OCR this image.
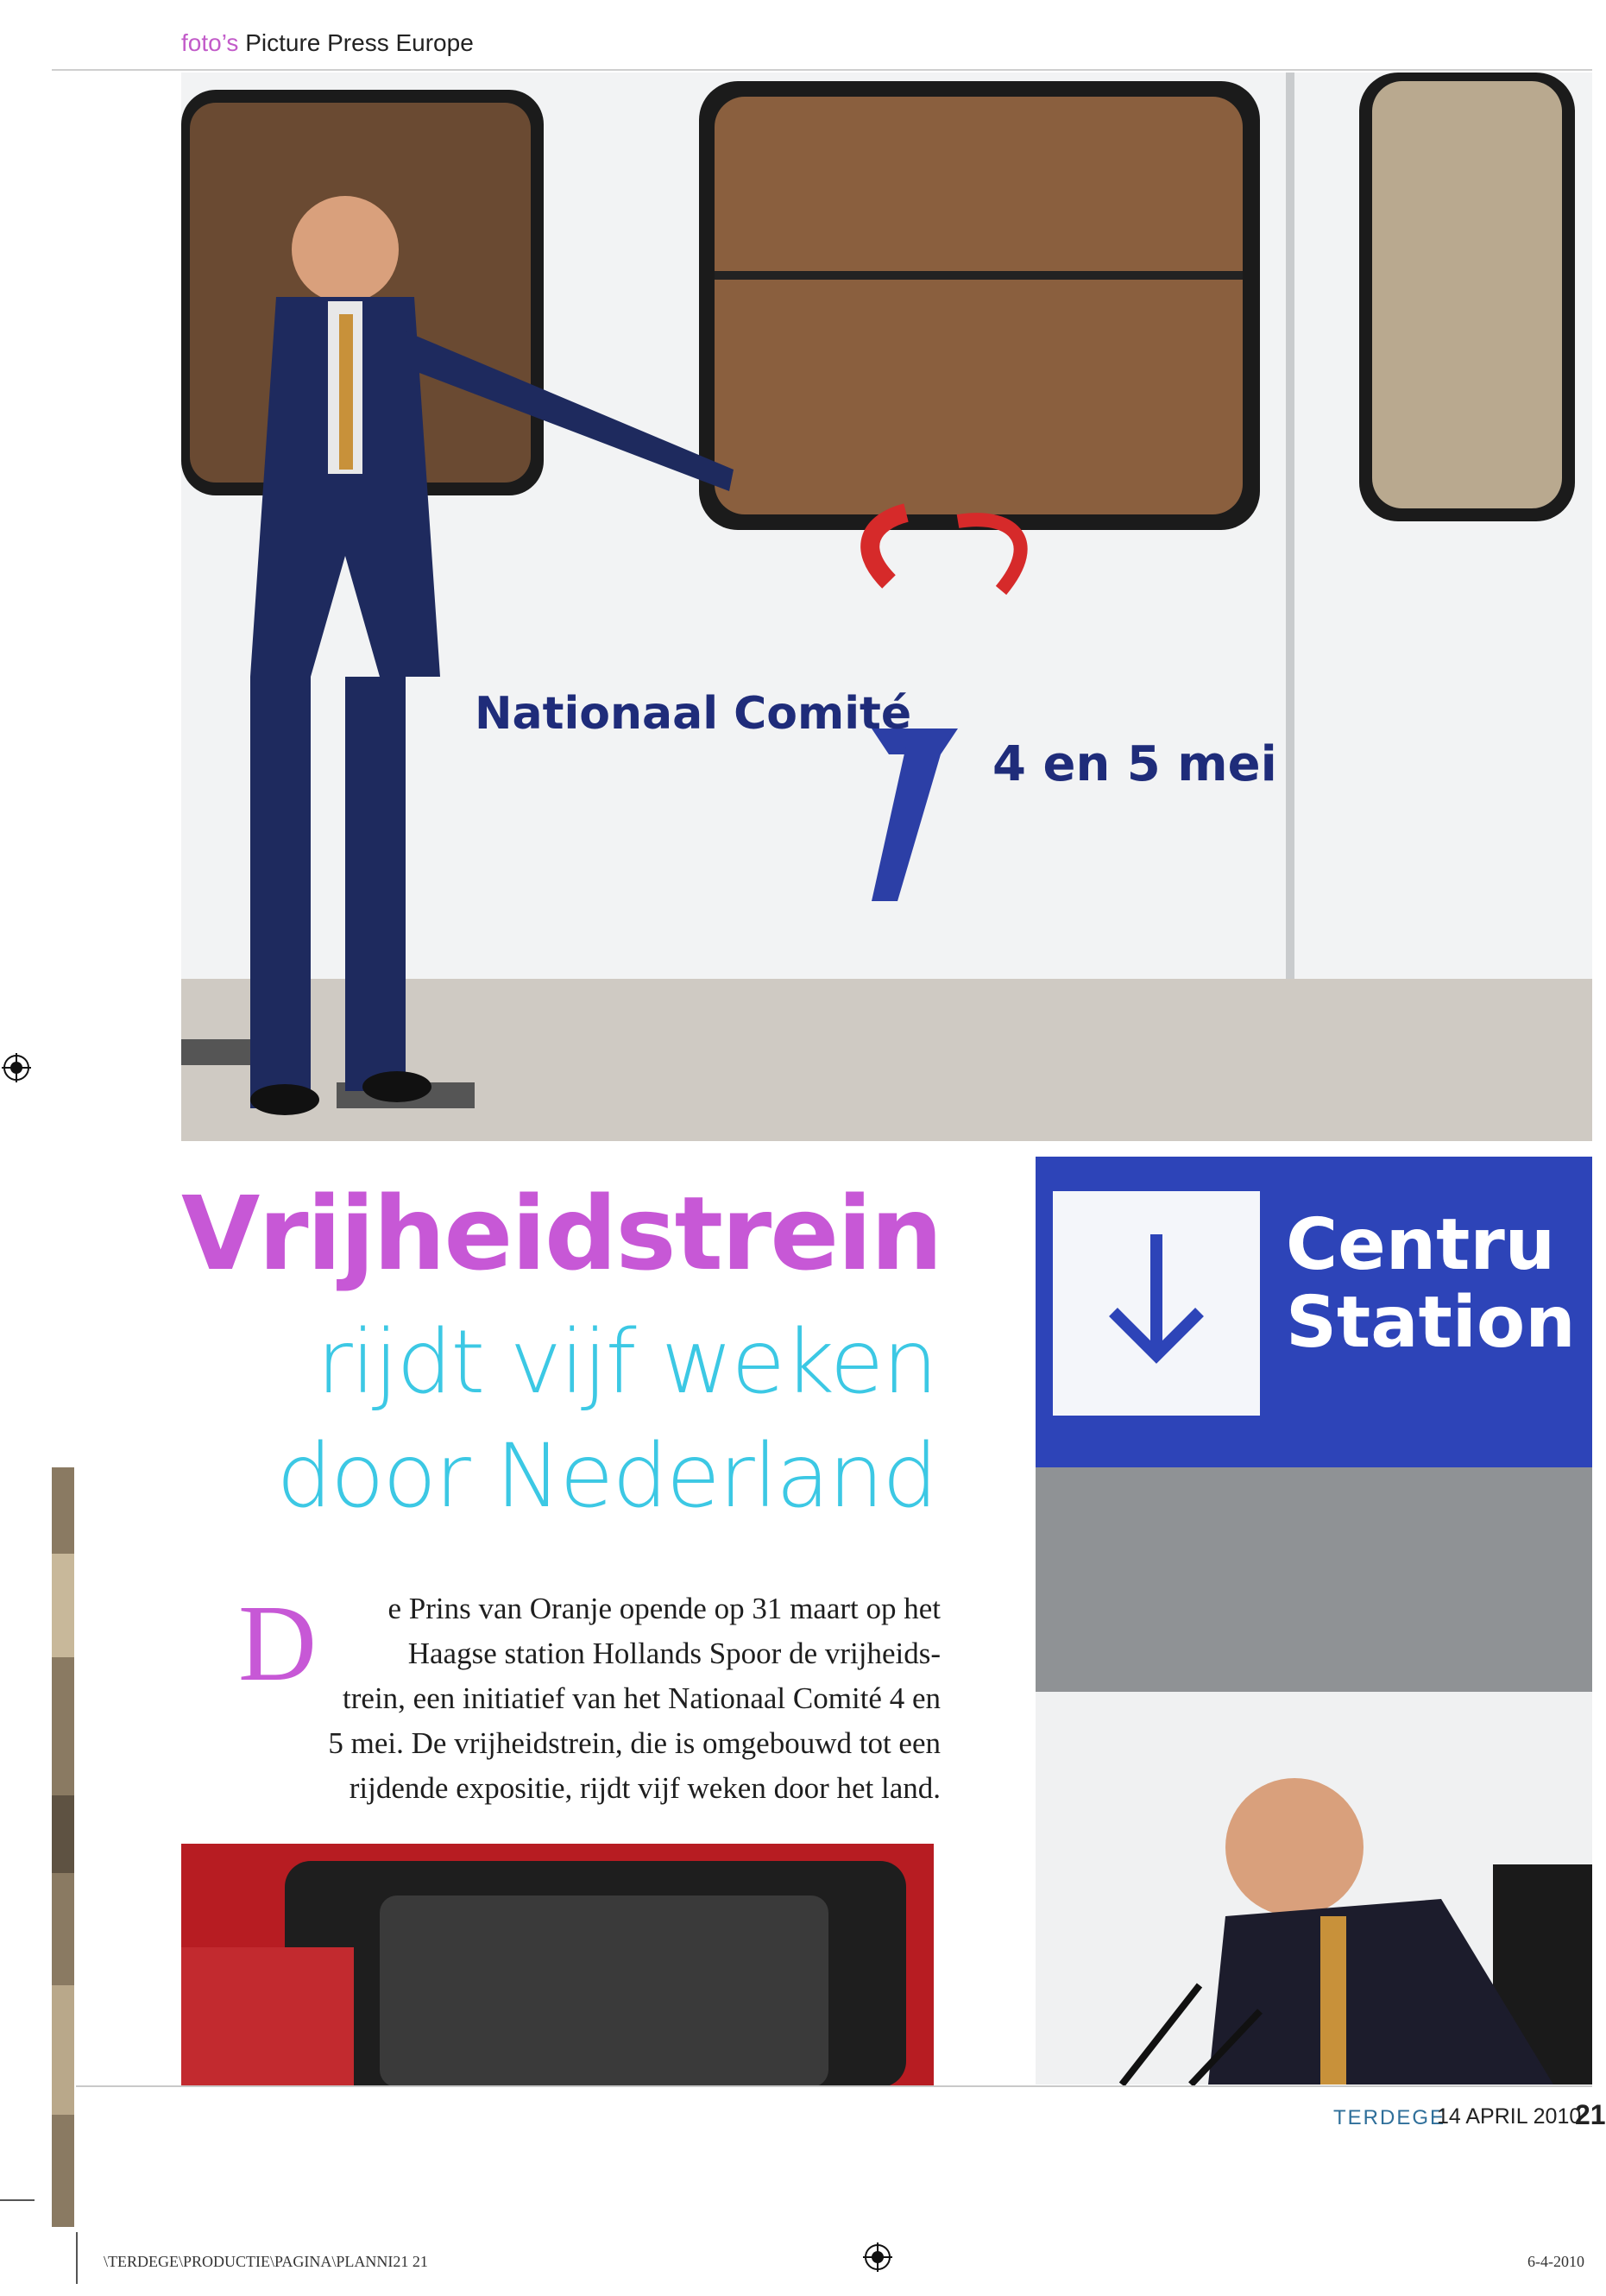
foto’s Picture Press Europe
Nationaal Comité
4 en 5 mei
Centru
Station
Vrijheidstrein
rijdt vijf weken
door Nederland
D	e Prins van Oranje opende op 31 maart op het
Haagse station Hollands Spoor de vrijheids-
trein, een initiatief van het Nationaal Comité 4 en
5 mei. De vrijheidstrein, die is omgebouwd tot een
rijdende expositie, rijdt vijf weken door het land.
TERDEGE
14 APRIL 2010
21
\TERDEGE\PRODUCTIE\PAGINA\PLANNI21 21	6-4-2010
